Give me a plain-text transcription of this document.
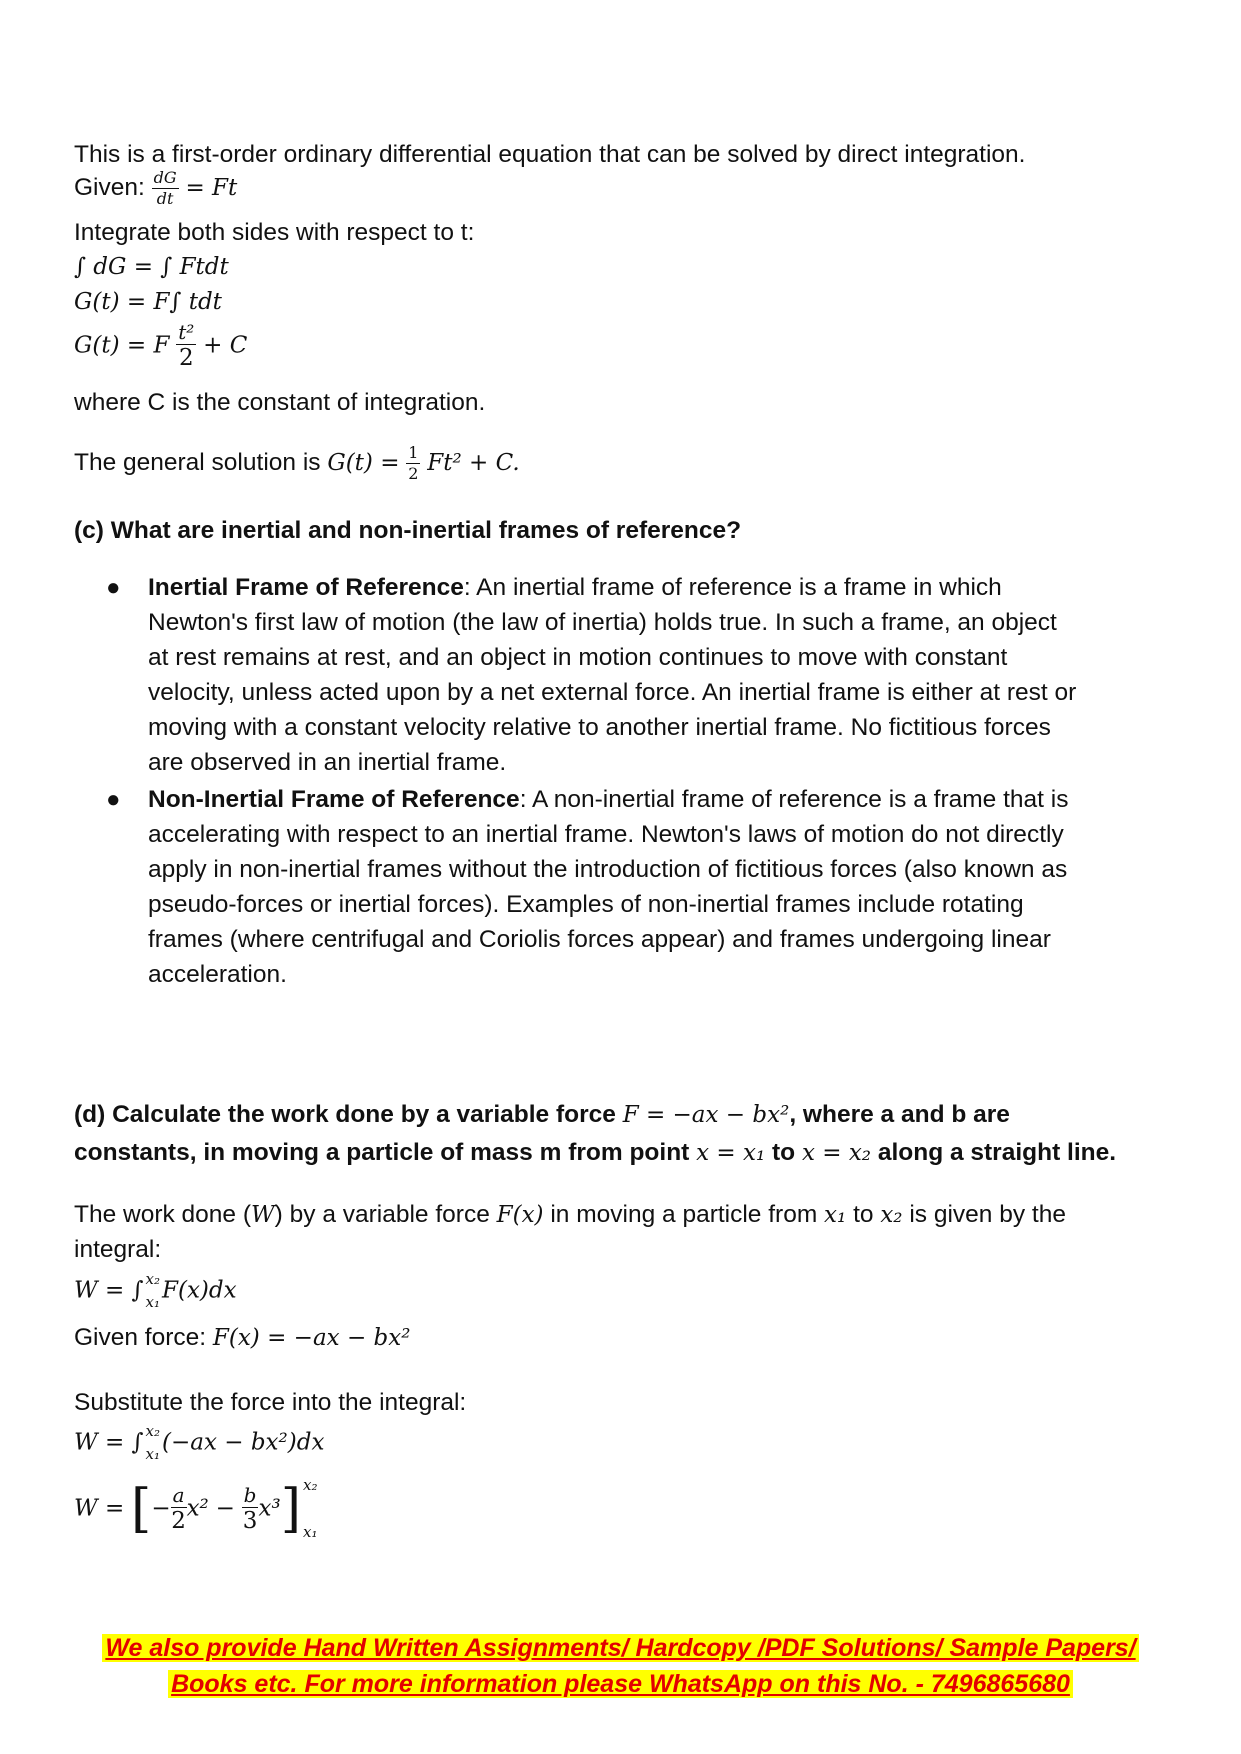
This is a first-order ordinary differential equation that can be solved by direct integration.
Given: $\frac{dG}{dt} = Ft$
Integrate both sides with respect to t:
∫ dG = ∫ Ftdt
G(t) = F∫ tdt
G(t) = F $\frac{\text{t²}}{2} + C$
where C is the constant of integration.
The general solution is $G(t) = \frac{1}{2} Ft^2 + C$.
(c) What are inertial and non-inertial frames of reference?
● Inertial Frame of Reference: An inertial frame of reference is a frame in which
Newton's first law of motion (the law of inertia) holds true. In such a frame, an object
at rest remains at rest, and an object in motion continues to move with constant
velocity, unless acted upon by a net external force. An inertial frame is either at rest or
moving with a constant velocity relative to another inertial frame. No fictitious forces
are observed in an inertial frame.
● Non-Inertial Frame of Reference: A non-inertial frame of reference is a frame that is
accelerating with respect to an inertial frame. Newton's laws of motion do not directly
apply in non-inertial frames without the introduction of fictitious forces (also known as
pseudo-forces or inertial forces). Examples of non-inertial frames include rotating
frames (where centrifugal and Coriolis forces appear) and frames undergoing linear
acceleration.
(d) Calculate the work done by a variable force F = −ax − bx², where a and b are
constants, in moving a particle of mass m from point x = x₁ to x = x₂ along a straight line.
The work done (W) by a variable force F(x) in moving a particle from x₁ to x₂ is given by the
integral:
W = ∫ x₂
x₁ F(x)dx
Given force: F(x) = −ax − bx²
Substitute the force into the integral:
W = ∫ x₂
x₁ (−ax − bx²)dx
W = [− $\frac{a}{2} x^2 - \frac{b}{3} x^3$] x₂
x₁
We also provide Hand Written Assignments/ Hardcopy /PDF Solutions/ Sample Papers/
Books etc. For more information please WhatsApp on this No. - 7496865680
